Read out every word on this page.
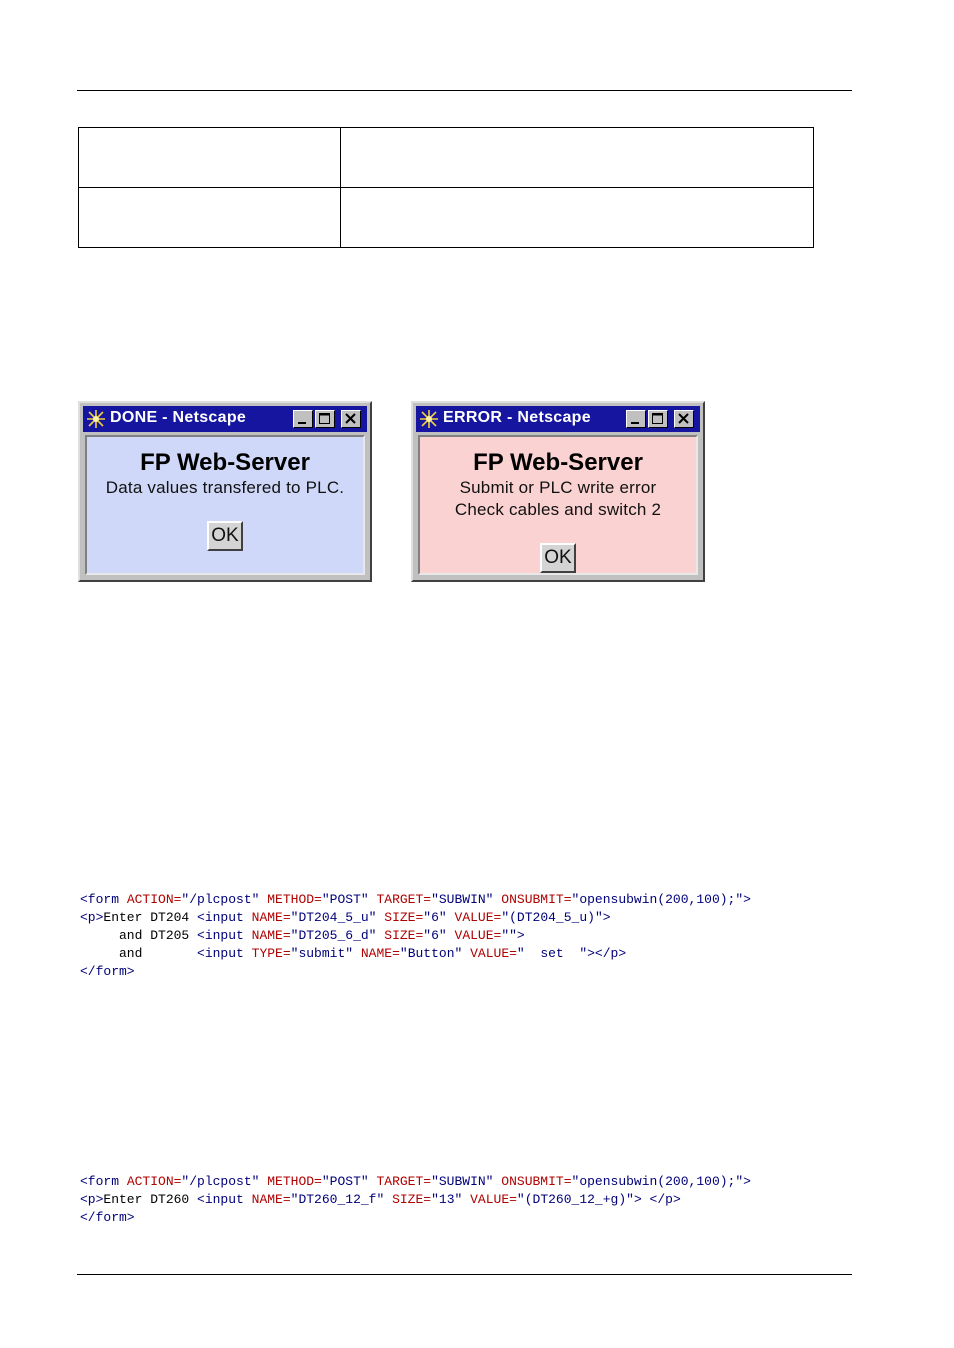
DONE - Netscape
FP Web-Server
Data values transfered to PLC.
OK
ERROR - Netscape
FP Web-Server
Submit or PLC write error
Check cables and switch 2
OK
<form ACTION="/plcpost" METHOD="POST" TARGET="SUBWIN" ONSUBMIT="opensubwin(200,100);">
<p>Enter DT204 <input NAME="DT204_5_u" SIZE="6" VALUE="(DT204_5_u)">
and DT205 <input NAME="DT205_6_d" SIZE="6" VALUE="">
and       <input TYPE="submit" NAME="Button" VALUE="  set  "></p>
</form>
<form ACTION="/plcpost" METHOD="POST" TARGET="SUBWIN" ONSUBMIT="opensubwin(200,100);">
<p>Enter DT260 <input NAME="DT260_12_f" SIZE="13" VALUE="(DT260_12_+g)"> </p>
</form>
